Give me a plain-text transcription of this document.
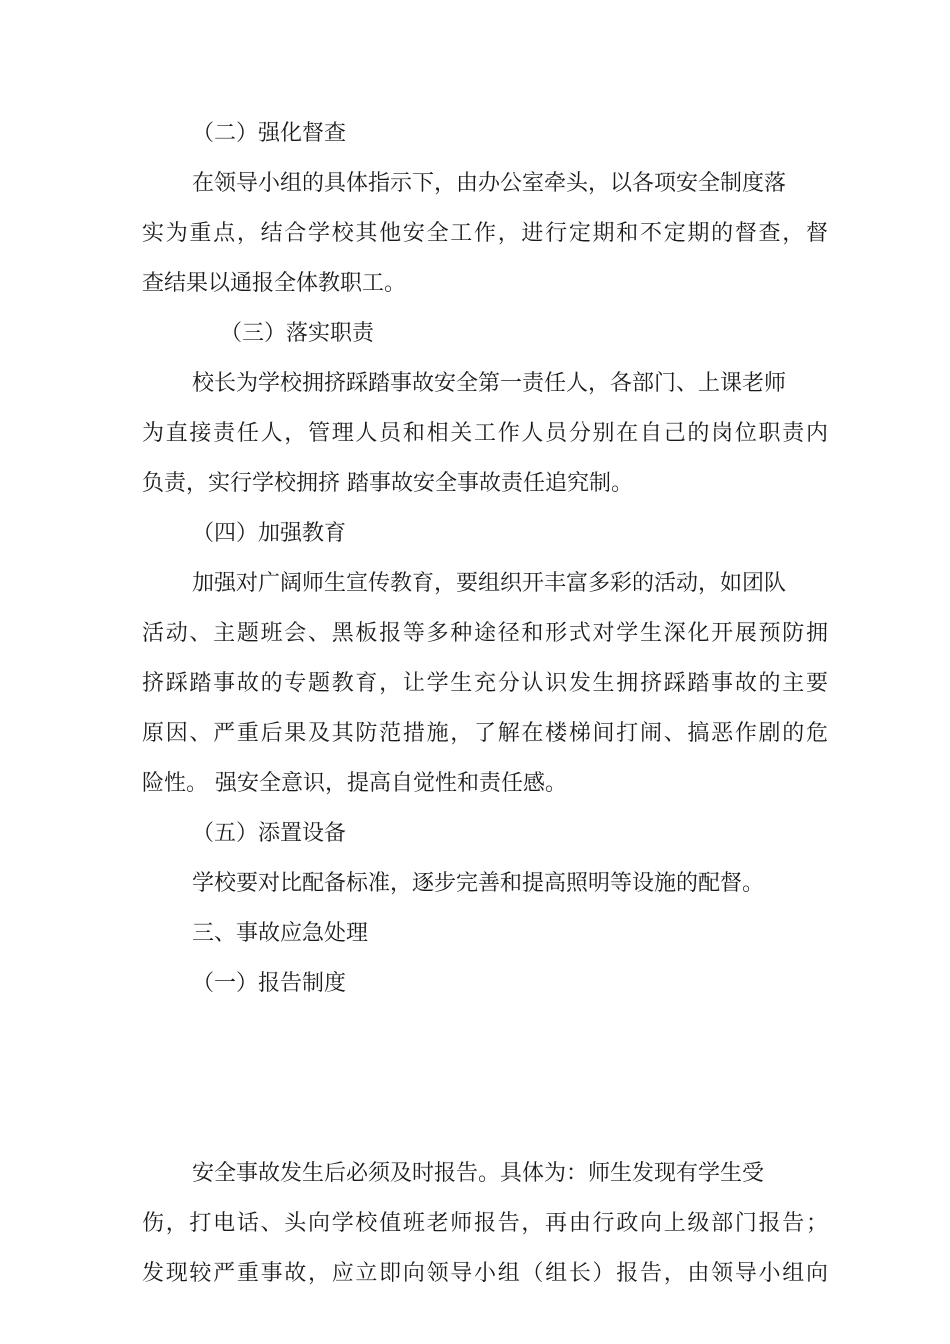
（二）强化督查
在领导小组的具体指示下，由办公室牵头，以各项安全制度落
实为重点，结合学校其他安全工作，进行定期和不定期的督查，督
查结果以通报全体教职工。
（三）落实职责
校长为学校拥挤踩踏事故安全第一责任人，各部门、上课老师
为直接责任人，管理人员和相关工作人员分别在自己的岗位职责内
负责，实行学校拥挤 踏事故安全事故责任追究制。
（四）加强教育
加强对广阔师生宣传教育，要组织开丰富多彩的活动，如团队
活动、主题班会、黑板报等多种途径和形式对学生深化开展预防拥
挤踩踏事故的专题教育，让学生充分认识发生拥挤踩踏事故的主要
原因、严重后果及其防范措施，了解在楼梯间打闹、搞恶作剧的危
险性。 强安全意识，提高自觉性和责任感。
（五）添置设备
学校要对比配备标准，逐步完善和提高照明等设施的配督。
三、事故应急处理
（一）报告制度
安全事故发生后必须及时报告。具体为：师生发现有学生受
伤，打电话、头向学校值班老师报告，再由行政向上级部门报告；
发现较严重事故，应立即向领导小组（组长）报告，由领导小组向
